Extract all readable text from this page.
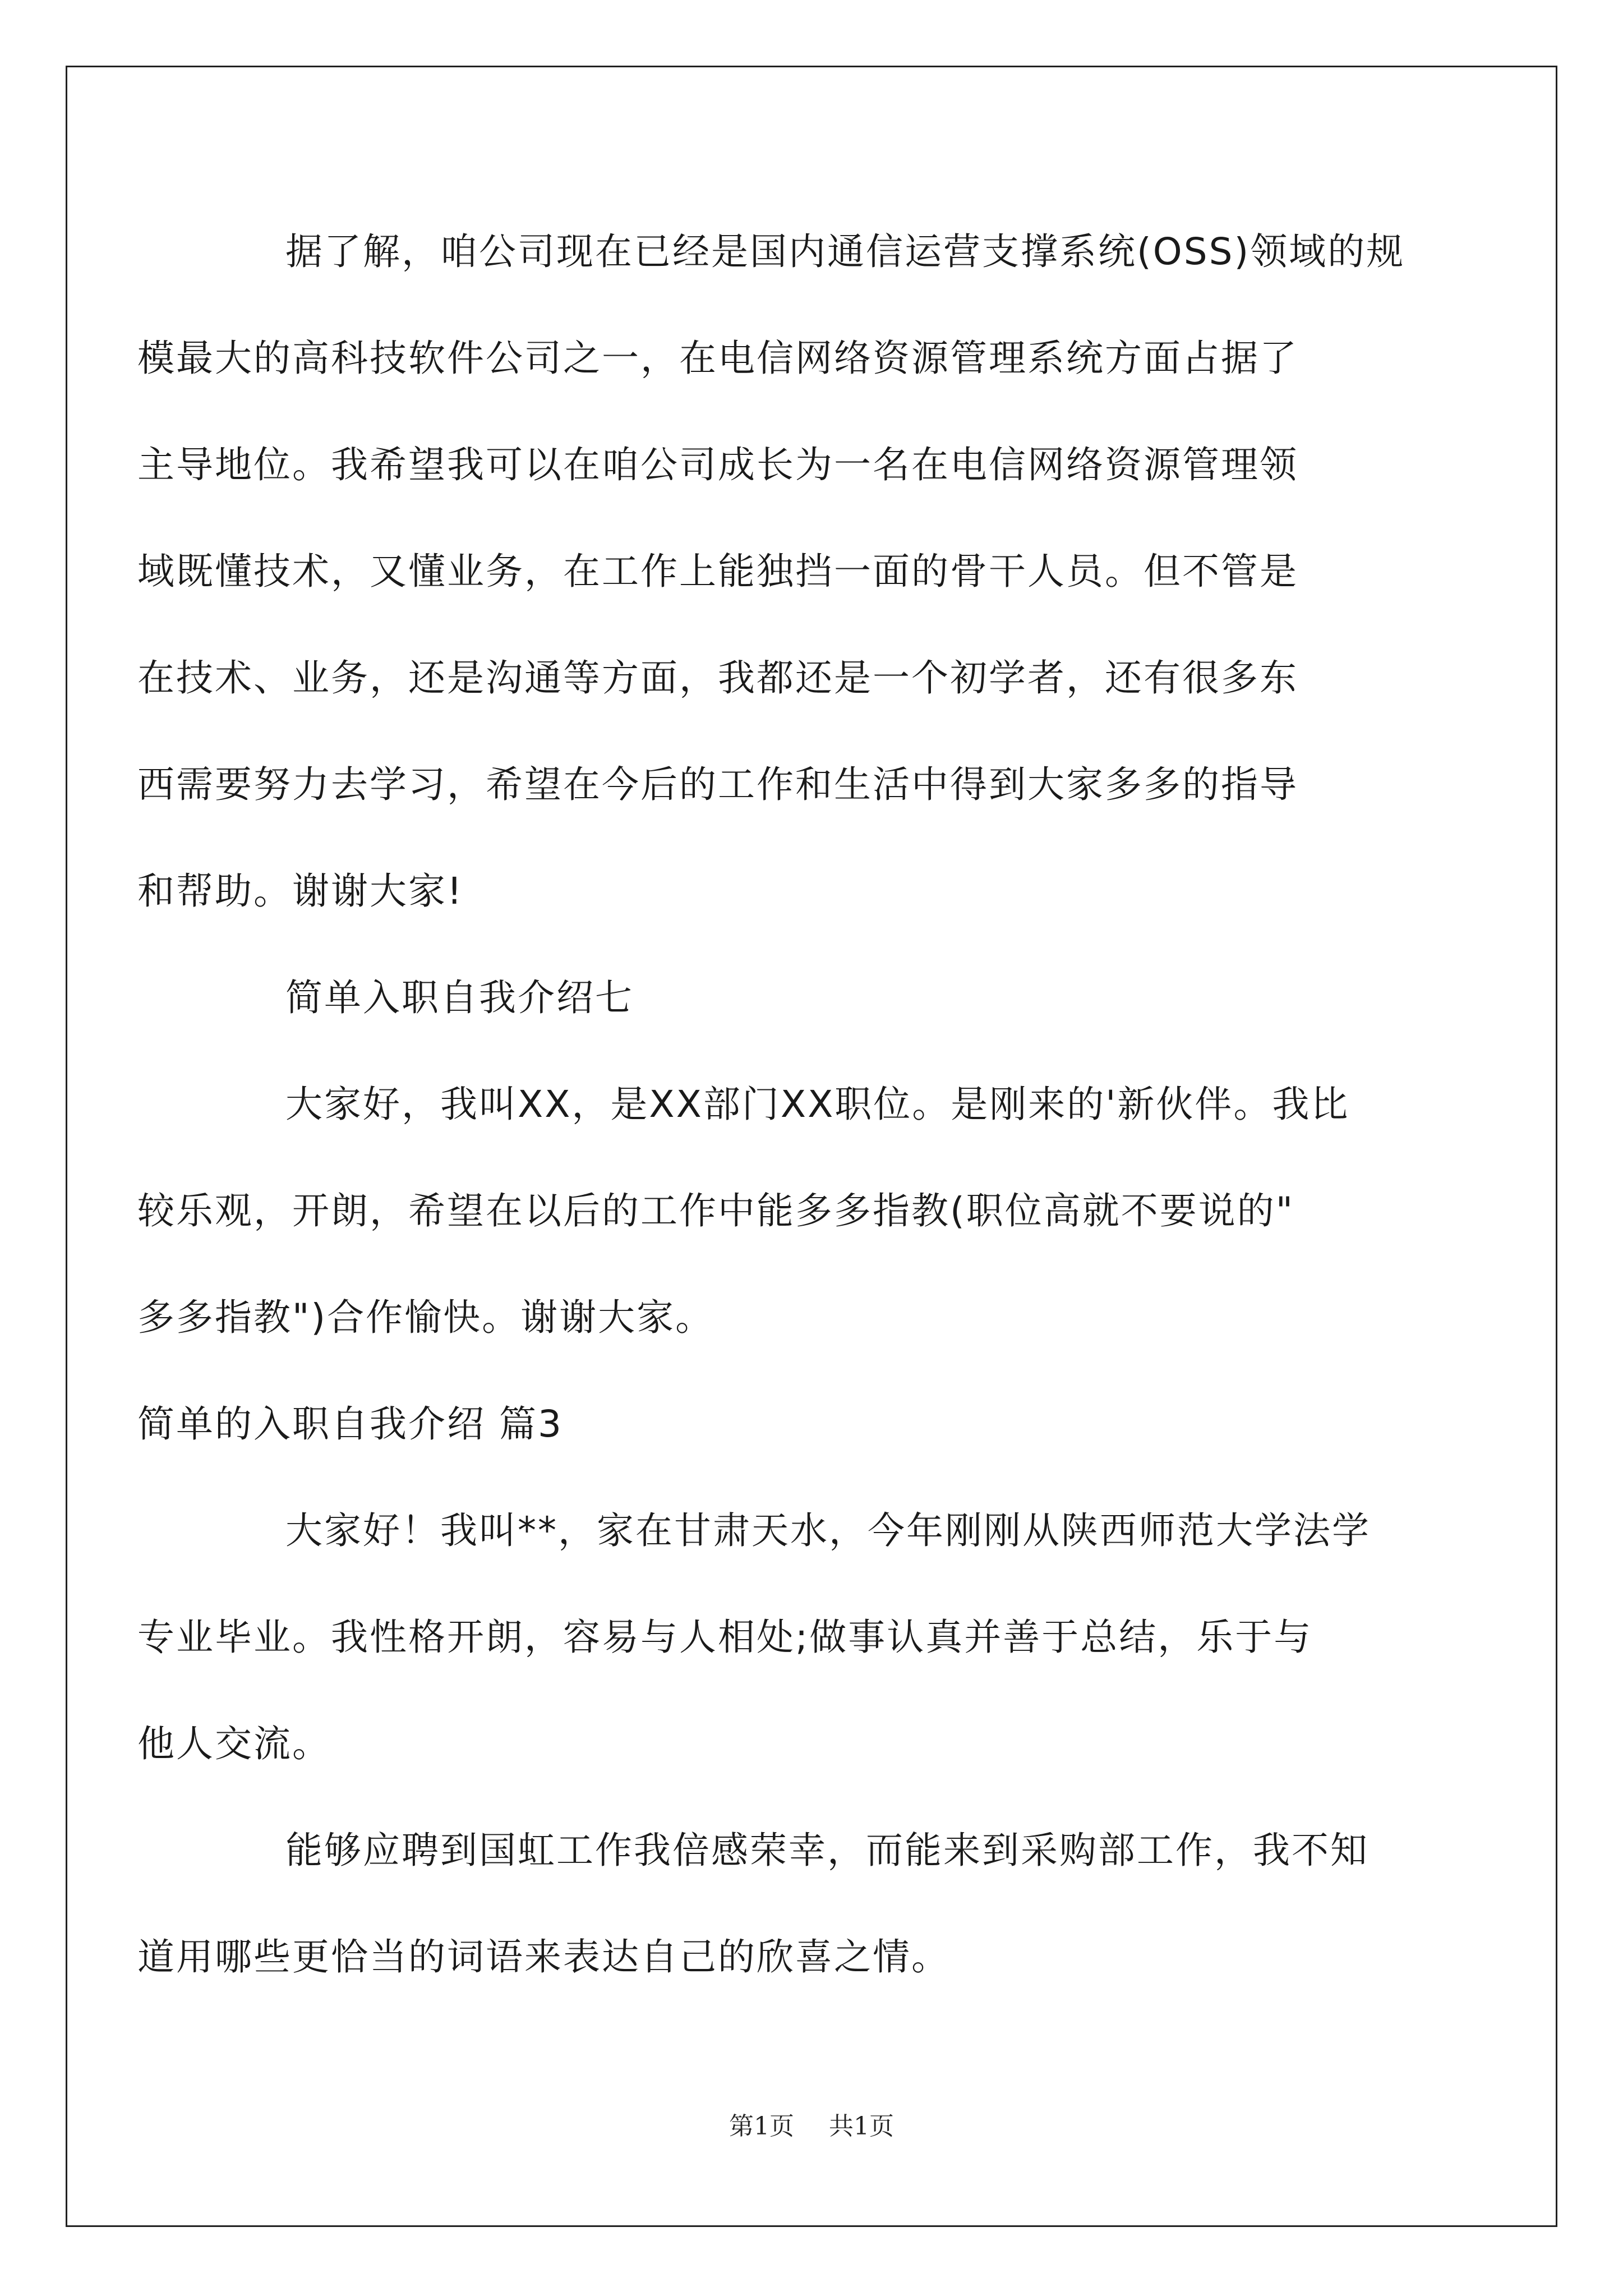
据了解，咱公司现在已经是国内通信运营支撑系统(OSS)领域的规
模最大的高科技软件公司之一，在电信网络资源管理系统方面占据了
主导地位。我希望我可以在咱公司成长为一名在电信网络资源管理领
域既懂技术，又懂业务，在工作上能独挡一面的骨干人员。但不管是
在技术、业务，还是沟通等方面，我都还是一个初学者，还有很多东
西需要努力去学习，希望在今后的工作和生活中得到大家多多的指导
和帮助。谢谢大家!
简单入职自我介绍七
大家好，我叫XX，是XX部门XX职位。是刚来的'新伙伴。我比
较乐观，开朗，希望在以后的工作中能多多指教(职位高就不要说的"
多多指教")合作愉快。谢谢大家。
简单的入职自我介绍 篇3
大家好！我叫**，家在甘肃天水，今年刚刚从陕西师范大学法学
专业毕业。我性格开朗，容易与人相处;做事认真并善于总结，乐于与
他人交流。
能够应聘到国虹工作我倍感荣幸，而能来到采购部工作，我不知
道用哪些更恰当的词语来表达自己的欣喜之情。
第1页 共1页
